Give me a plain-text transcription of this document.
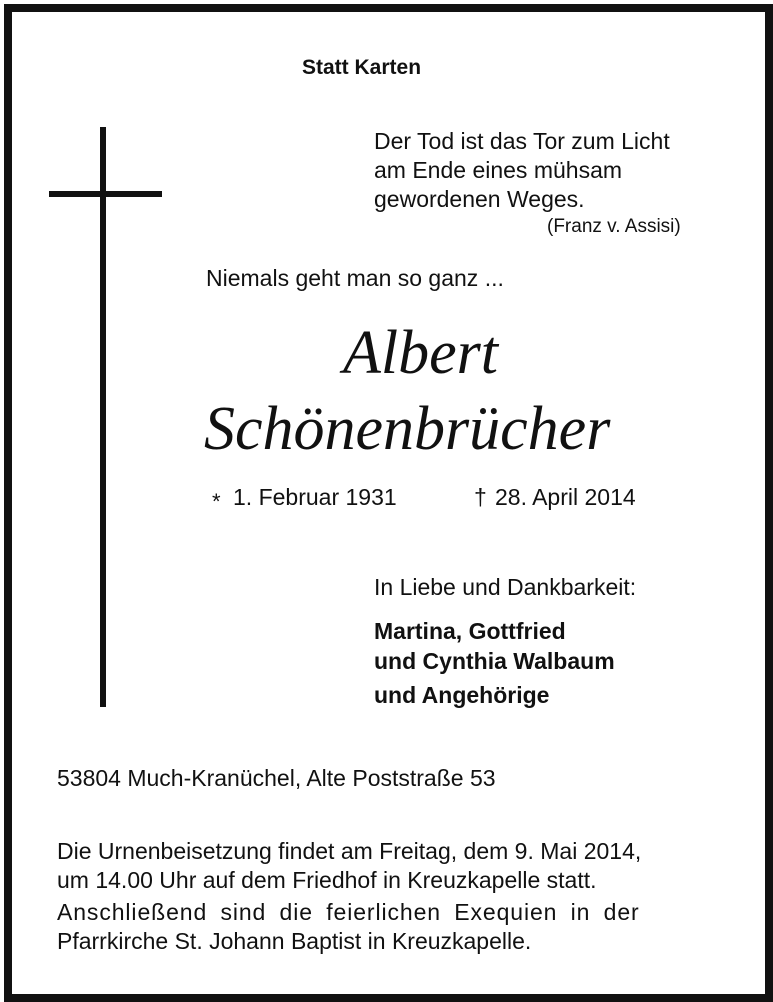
Statt Karten
Der Tod ist das Tor zum Licht
am Ende eines mühsam
gewordenen Weges.
(Franz v. Assisi)
Niemals geht man so ganz ...
Albert
Schönenbrücher
* 1. Februar 1931	† 28. April 2014
In Liebe und Dankbarkeit:
Martina, Gottfried
und Cynthia Walbaum
und Angehörige
53804 Much-Kranüchel, Alte Poststraße 53
Die Urnenbeisetzung findet am Freitag, dem 9. Mai 2014,
um 14.00 Uhr auf dem Friedhof in Kreuzkapelle statt.
Anschließend sind die feierlichen Exequien in der
Pfarrkirche St. Johann Baptist in Kreuzkapelle.
